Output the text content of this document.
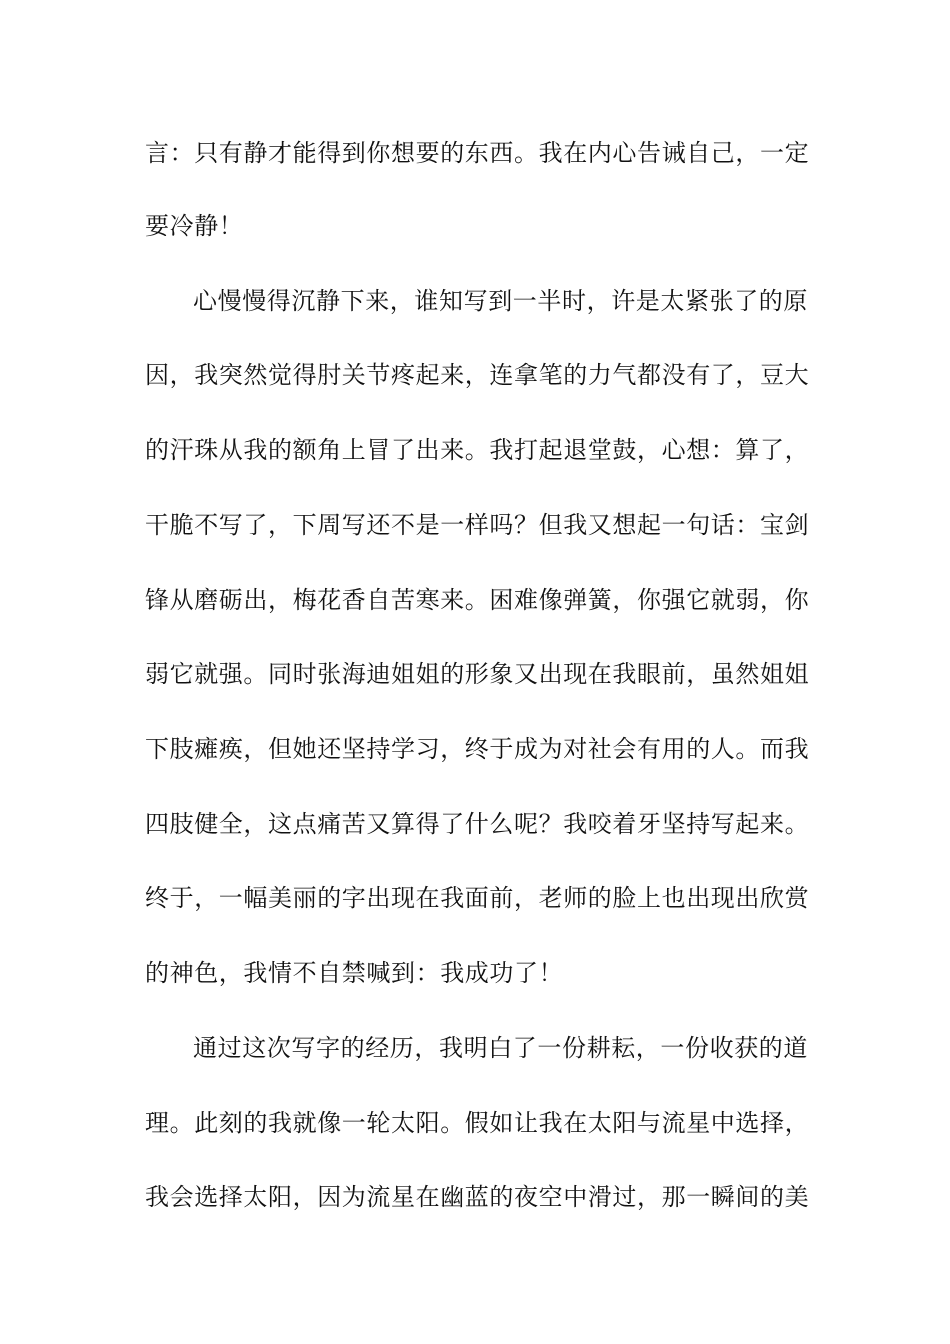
言：只有静才能得到你想要的东西。我在内心告诫自己，一定

要冷静！

心慢慢得沉静下来，谁知写到一半时，许是太紧张了的原

因，我突然觉得肘关节疼起来，连拿笔的力气都没有了，豆大

的汗珠从我的额角上冒了出来。我打起退堂鼓，心想：算了，

干脆不写了，下周写还不是一样吗？但我又想起一句话：宝剑

锋从磨砺出，梅花香自苦寒来。困难像弹簧，你强它就弱，你

弱它就强。同时张海迪姐姐的形象又出现在我眼前，虽然姐姐

下肢瘫痪，但她还坚持学习，终于成为对社会有用的人。而我

四肢健全，这点痛苦又算得了什么呢？我咬着牙坚持写起来。

终于，一幅美丽的字出现在我面前，老师的脸上也出现出欣赏

的神色，我情不自禁喊到：我成功了！

通过这次写字的经历，我明白了一份耕耘，一份收获的道

理。此刻的我就像一轮太阳。假如让我在太阳与流星中选择，

我会选择太阳，因为流星在幽蓝的夜空中滑过，那一瞬间的美
